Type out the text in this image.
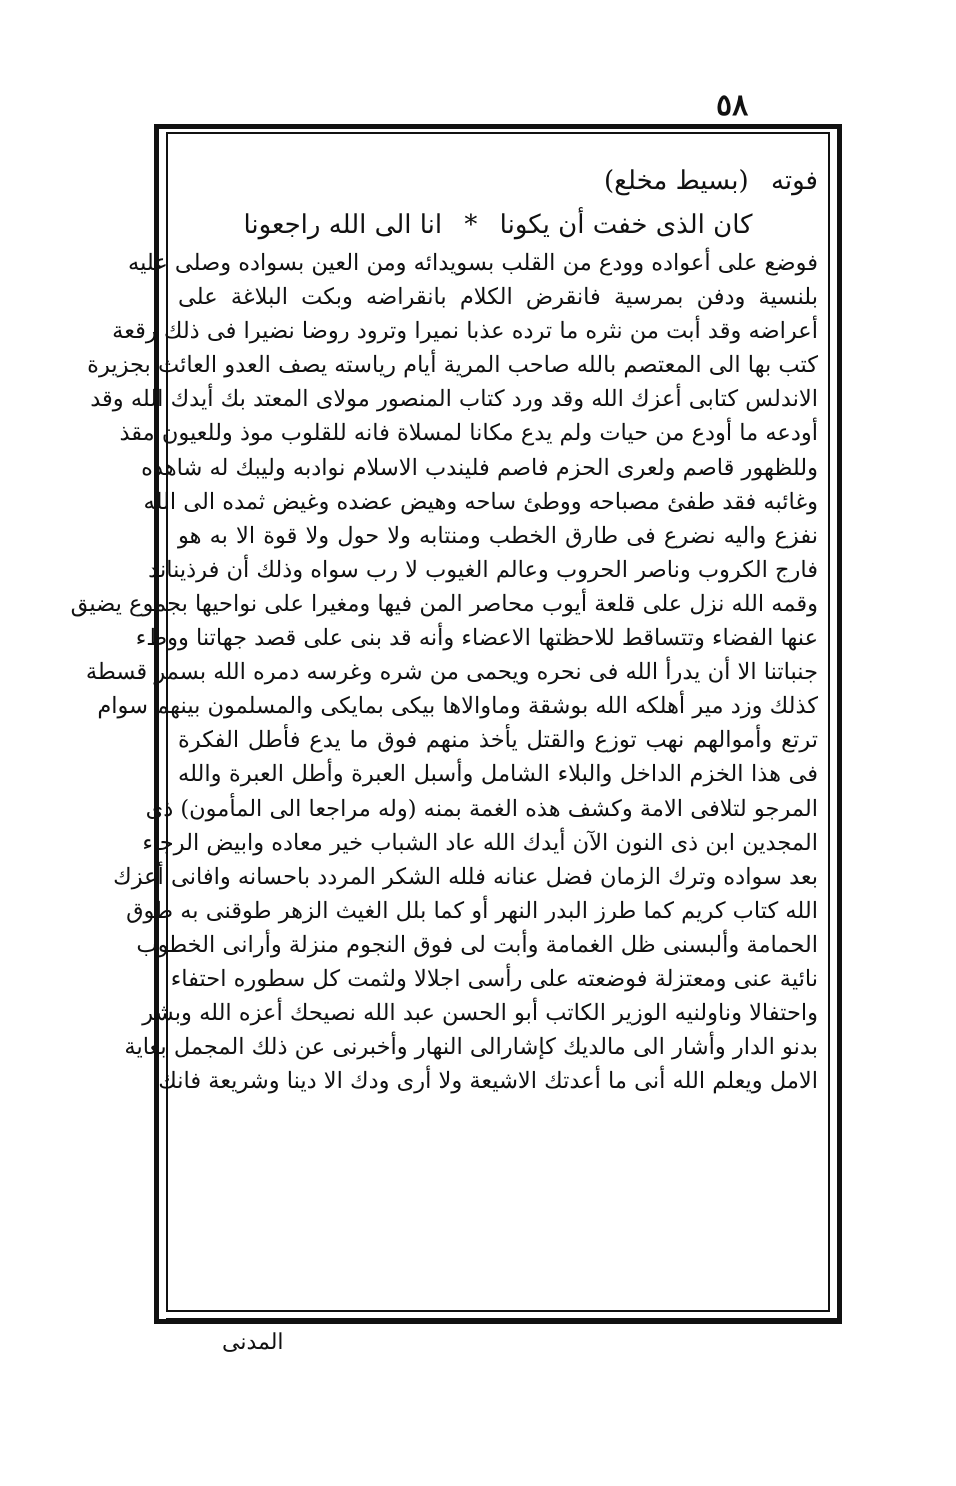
٥٨
فوته (بسيط مخلع)
كان الذى خفت أن يكونا * انا الى الله راجعونا
فوضع على أعواده وودع من القلب بسويدائه ومن العين بسواده وصلى عليه
بلنسية ودفن بمرسية فانقرض الكلام بانقراضه وبكت البلاغة على
أعراضه وقد أبت من نثره ما ترده عذبا نميرا وترود روضا نضيرا فى ذلك رقعة
كتب بها الى المعتصم بالله صاحب المرية أيام رياسته يصف العدو العائث بجزيرة
الاندلس كتابى أعزك الله وقد ورد كتاب المنصور مولاى المعتد بك أيدك الله وقد
أودعه ما أودع من حيات ولم يدع مكانا لمسلاة فانه للقلوب موذ وللعيون مقذ
وللظهور قاصم ولعرى الحزم فاصم فليندب الاسلام نوادبه وليبك له شاهده
وغائبه فقد طفئ مصباحه ووطئ ساحه وهيض عضده وغيض ثمده الى الله
نفزع واليه نضرع فى طارق الخطب ومنتابه ولا حول ولا قوة الا به هو
فارج الكروب وناصر الحروب وعالم الغيوب لا رب سواه وذلك أن فرذيناند
وقمه الله نزل على قلعة أيوب محاصر المن فيها ومغيرا على نواحيها بجموع يضيق
عنها الفضاء وتتساقط للاحظتها الاعضاء وأنه قد بنى على قصد جهاتنا ووطء
جنباتنا الا أن يدرأ الله فى نحره ويحمى من شره وغرسه دمره الله بسمر قسطة
كذلك وزد مير أهلكه الله بوشقة وماوالاها بيكى بمايكى والمسلمون بينهم سوام
ترتع وأموالهم نهب توزع والقتل يأخذ منهم فوق ما يدع فأطل الفكرة
فى هذا الخزم الداخل والبلاء الشامل وأسبل العبرة وأطل العبرة والله
المرجو لتلافى الامة وكشف هذه الغمة بمنه (وله مراجعا الى المأمون) ذى
المجدين ابن ذى النون الآن أيدك الله عاد الشباب خير معاده وابيض الرجاء
بعد سواده وترك الزمان فضل عنانه فلله الشكر المردد باحسانه وافانى أعزك
الله كتاب كريم كما طرز البدر النهر أو كما بلل الغيث الزهر طوقنى به طوق
الحمامة وألبسنى ظل الغمامة وأبت لى فوق النجوم منزلة وأرانى الخطوب
نائية عنى ومعتزلة فوضعته على رأسى اجلالا ولثمت كل سطوره احتفاء
واحتفالا وناولنيه الوزير الكاتب أبو الحسن عبد الله نصيحك أعزه الله وبشر
بدنو الدار وأشار الى مالديك كإشارالى النهار وأخبرنى عن ذلك المجمل بغاية
الامل ويعلم الله أنى ما أعدتك الاشيعة ولا أرى ودك الا دينا وشريعة فانك
المدنى
